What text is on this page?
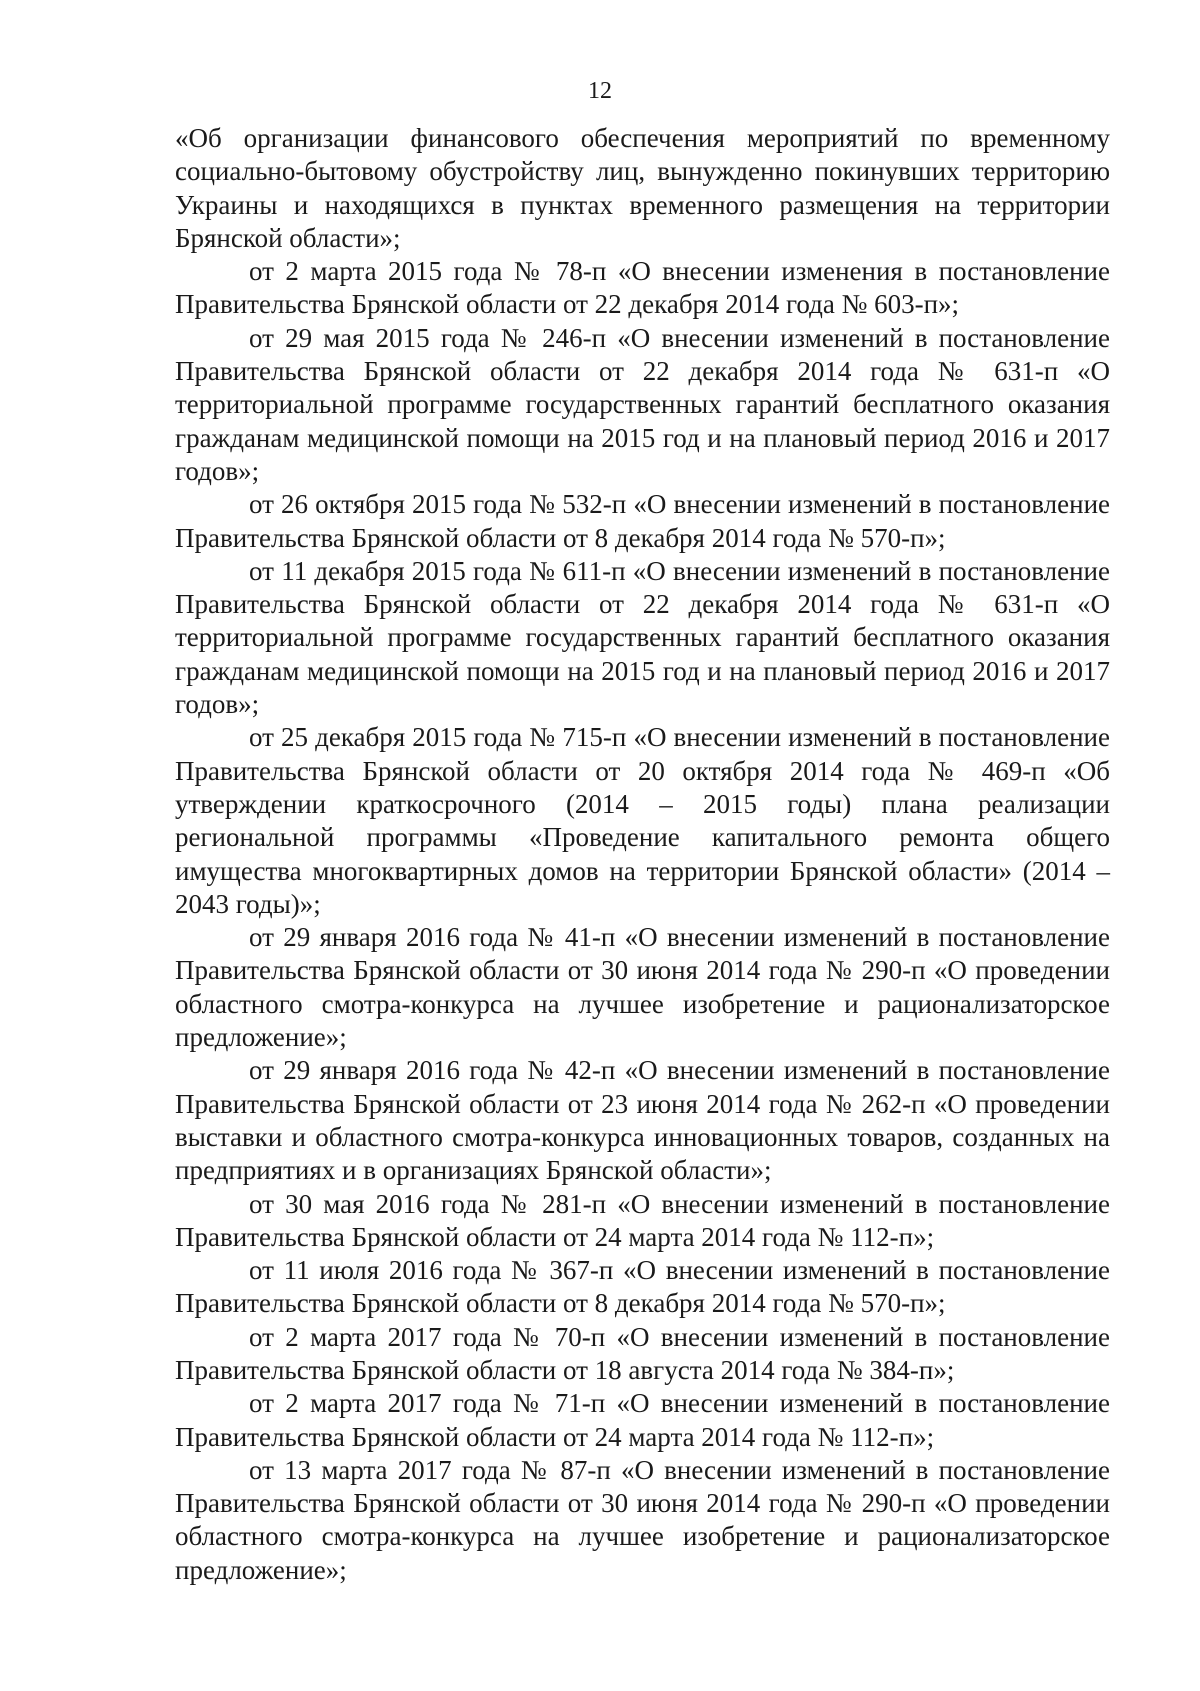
12

«Об организации финансового обеспечения мероприятий по временному социально-бытовому обустройству лиц, вынужденно покинувших территорию Украины и находящихся в пунктах временного размещения на территории Брянской области»;

от 2 марта 2015 года № 78-п «О внесении изменения в постановление Правительства Брянской области от 22 декабря 2014 года № 603-п»;

от 29 мая 2015 года № 246-п «О внесении изменений в постановление Правительства Брянской области от 22 декабря 2014 года № 631-п «О территориальной программе государственных гарантий бесплатного оказания гражданам медицинской помощи на 2015 год и на плановый период 2016 и 2017 годов»;

от 26 октября 2015 года № 532-п «О внесении изменений в постановление Правительства Брянской области от 8 декабря 2014 года № 570-п»;

от 11 декабря 2015 года № 611-п «О внесении изменений в постановление Правительства Брянской области от 22 декабря 2014 года № 631-п «О территориальной программе государственных гарантий бесплатного оказания гражданам медицинской помощи на 2015 год и на плановый период 2016 и 2017 годов»;

от 25 декабря 2015 года № 715-п «О внесении изменений в постановление Правительства Брянской области от 20 октября 2014 года № 469-п «Об утверждении краткосрочного (2014 – 2015 годы) плана реализации региональной программы «Проведение капитального ремонта общего имущества многоквартирных домов на территории Брянской области» (2014 – 2043 годы)»;

от 29 января 2016 года № 41-п «О внесении изменений в постановление Правительства Брянской области от 30 июня 2014 года № 290-п «О проведении областного смотра-конкурса на лучшее изобретение и рационализаторское предложение»;

от 29 января 2016 года № 42-п «О внесении изменений в постановление Правительства Брянской области от 23 июня 2014 года № 262-п «О проведении выставки и областного смотра-конкурса инновационных товаров, созданных на предприятиях и в организациях Брянской области»;

от 30 мая 2016 года № 281-п «О внесении изменений в постановление Правительства Брянской области от 24 марта 2014 года № 112-п»;

от 11 июля 2016 года № 367-п «О внесении изменений в постановление Правительства Брянской области от 8 декабря 2014 года № 570-п»;

от 2 марта 2017 года № 70-п «О внесении изменений в постановление Правительства Брянской области от 18 августа 2014 года № 384-п»;

от 2 марта 2017 года № 71-п «О внесении изменений в постановление Правительства Брянской области от 24 марта 2014 года № 112-п»;

от 13 марта 2017 года № 87-п «О внесении изменений в постановление Правительства Брянской области от 30 июня 2014 года № 290-п «О проведении областного смотра-конкурса на лучшее изобретение и рационализаторское предложение»;
